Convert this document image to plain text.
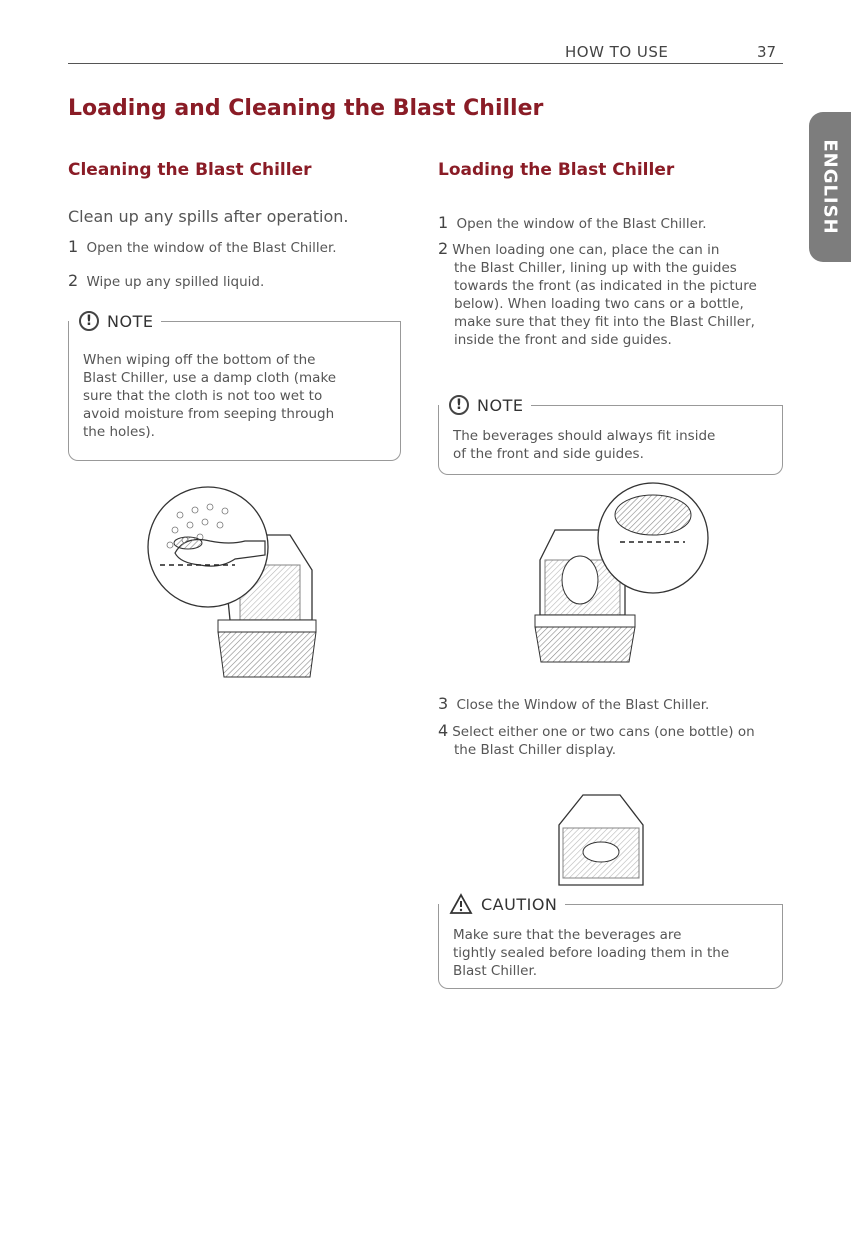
HOW TO USE	37
Loading and Cleaning the Blast Chiller
ENGLISH
Cleaning the Blast Chiller
Clean up any spills after operation.
1 Open the window of the Blast Chiller.
2 Wipe up any spilled liquid.
! NOTE
When wiping off the bottom of the
Blast Chiller, use a damp cloth (make
sure that the cloth is not too wet to
avoid moisture from seeping through
the holes).
Loading the Blast Chiller
1 Open the window of the Blast Chiller.
2 When loading one can, place the can in
the Blast Chiller, lining up with the guides
towards the front (as indicated in the picture
below). When loading two cans or a bottle,
make sure that they fit into the Blast Chiller,
inside the front and side guides.
! NOTE
The beverages should always fit inside
of the front and side guides.
3 Close the Window of the Blast Chiller.
4 Select either one or two cans (one bottle) on
the Blast Chiller display.
CAUTION
Make sure that the beverages are
tightly sealed before loading them in the
Blast Chiller.
